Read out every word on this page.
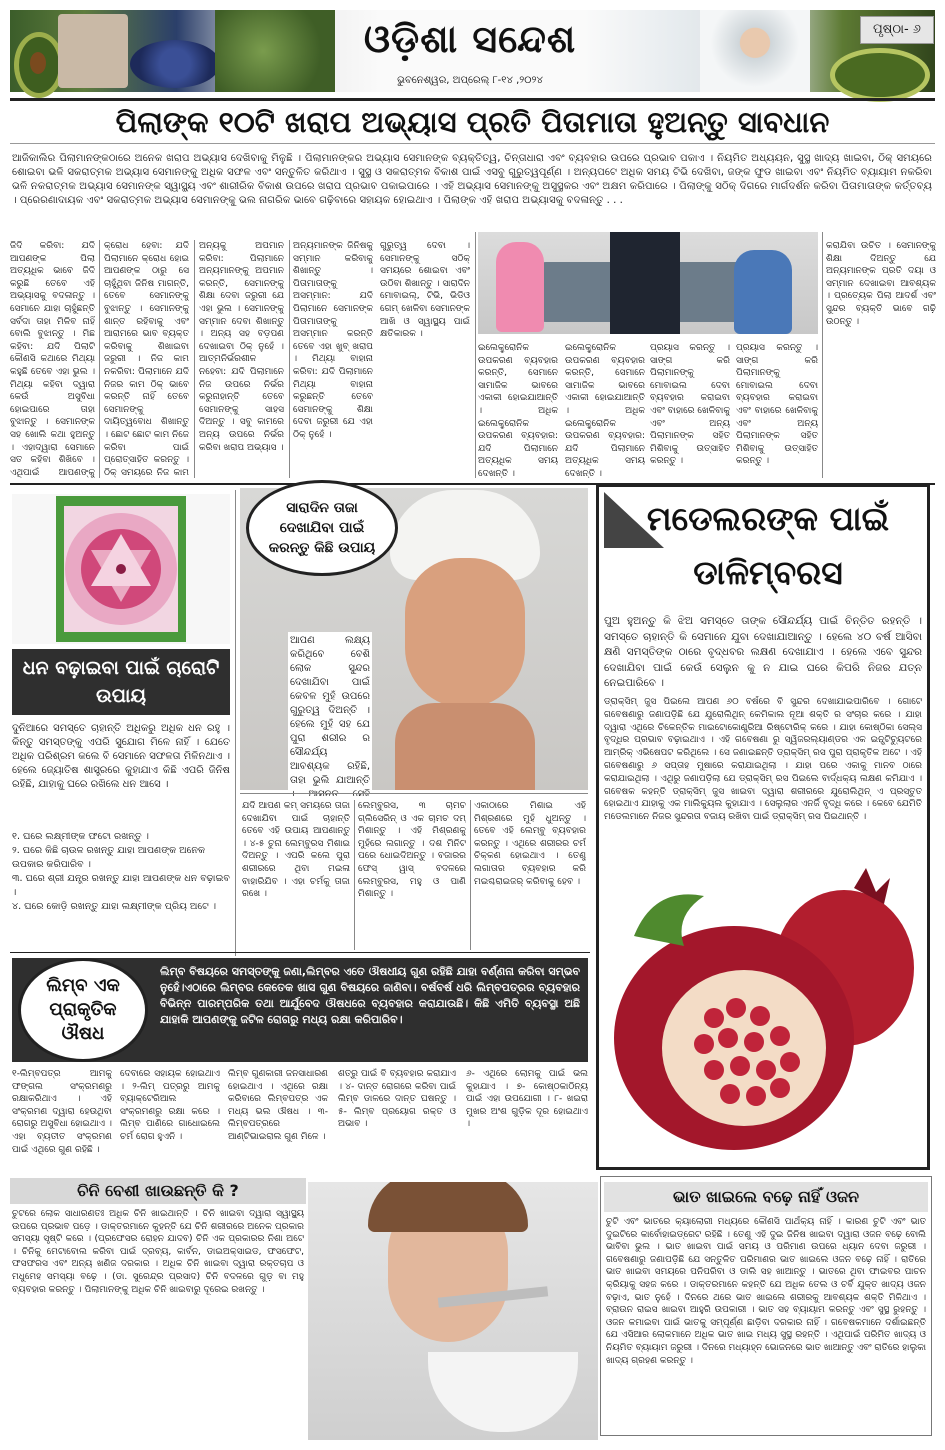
ଓଡ଼ିଶା ସନ୍ଦେଶ
ଭୁବନେଶ୍ୱର, ଅପ୍ରେଲ୍ ୮-୧୪ ,୨୦୨୪
ପୃଷ୍ଠା- ୬
ପିଲାଙ୍କ ୧୦ଟି ଖରାପ ଅଭ୍ୟାସ ପ୍ରତି ପିତାମାତା ହୁଅନ୍ତୁ ସାବଧାନ
ଆଜିକାଲିର ପିଲାମାନଙ୍କଠାରେ ଅନେକ ଖରାପ ଅଭ୍ୟାସ ଦେଖିବାକୁ ମିଳୁଛି । ପିଲାମାନଙ୍କର ଅଭ୍ୟାସ ସେମାନଙ୍କ ବ୍ୟକ୍ତିତ୍ୱ, ଚିନ୍ତାଧାରା ଏବଂ ବ୍ୟବହାର ଉପରେ ପ୍ରଭାବ ପକାଏ । ନିୟମିତ ଅଧ୍ୟୟନ, ସୁସ୍ଥ ଖାଦ୍ୟ ଖାଇବା, ଠିକ୍ ସମୟରେ ଶୋଇବା ଭଳି ସକରାତ୍ମକ ଅଭ୍ୟାସ ସେମାନଙ୍କୁ ଅଧିକ ସଫଳ ଏବଂ ସନ୍ତୁଳିତ କରିଥାଏ । ସୁସ୍ଥ ଓ ସକରାତ୍ମକ ବିକାଶ ପାଇଁ ଏସବୁ ଗୁରୁତ୍ୱପୂର୍ଣ୍ଣ । ଅନ୍ୟପଟେ ଅଧିକ ସମୟ ଟିଭି ଦେଖିବା, ଜଙ୍କ ଫୁଡ ଖାଇବା ଏବଂ ନିୟମିତ ବ୍ୟାୟାମ ନକରିବା ଭଳି ନକରାତ୍ମକ ଅଭ୍ୟାସ ସେମାନଙ୍କ ସ୍ୱାସ୍ଥ୍ୟ ଏବଂ ଶାରୀରିକ ବିକାଶ ଉପରେ ଖରାପ ପ୍ରଭାବ ପକାଇପାରେ । ଏହି ଅଭ୍ୟାସ ସେମାନଙ୍କୁ ଅସୁସ୍ଥକର ଏବଂ ଅକ୍ଷମ କରିପାରେ । ପିଲାଙ୍କୁ ସଠିକ୍ ଦିଗରେ ମାର୍ଗଦର୍ଶନ କରିବା ପିତାମାତାଙ୍କ କର୍ତ୍ତବ୍ୟ । ପ୍ରେରଣାଦାୟକ ଏବଂ ସକରାତ୍ମକ ଅଭ୍ୟାସ ସେମାନଙ୍କୁ ଭଲ ନାଗରିକ ଭାବେ ଗଢ଼ିବାରେ ସହାୟକ ହୋଇଥାଏ । ପିଲାଙ୍କ ଏହି ଖରାପ ଅଭ୍ୟାସକୁ ବଦଳାନ୍ତୁ . . .
ଜିଦି କରିବା: ଯଦି ଆପଣଙ୍କ ପିଲା ଅତ୍ୟଧିକ ଭାବେ ଜିଦି କରୁଛି ତେବେ ଏହି ଅଭ୍ୟାସକୁ ବଦଳାନ୍ତୁ । ସେମାନେ ଯାହା ଚାହୁଁଛନ୍ତି ସର୍ବଦା ତାହା ମିଳିବ ନାହିଁ ବୋଲି ବୁଝାନ୍ତୁ । ମିଛ କହିବା: ଯଦି ପିଲାଟି କୌଣସି କଥାରେ ମିଥ୍ୟା କହୁଛି ତେବେ ଏହା ଭୁଲ । ମିଥ୍ୟା କହିବା ଦ୍ୱାରା କେଉଁ ଅସୁବିଧା ହୋଇପାରେ ତାହା ବୁଝାନ୍ତୁ । ସେମାନଙ୍କ ସହ ଖୋଲି କଥା ହୁଅନ୍ତୁ । ଏହାଦ୍ୱାରା ସେମାନେ ସତ କହିବା ଶିଖିବେ । ଏଥିପାଇଁ ଆପଣଙ୍କୁ
କ୍ରୋଧ ହେବା: ଯଦି ପିଲାମାନେ କ୍ରୋଧ ହୋଇ ଆପଣଙ୍କ ଠାରୁ ସେ ଚାହୁଁଥିବା ଜିନିଷ ମାଗନ୍ତି, ତେବେ ସେମାନଙ୍କୁ ବୁଝାନ୍ତୁ । ସେମାନଙ୍କୁ ଶାନ୍ତ ରହିବାକୁ ଏବଂ ଆରାମରେ ଭାବ ବ୍ୟକ୍ତ କରିବାକୁ ଶିଖାଇବା ଜରୁରୀ । ନିଜ କାମ ନକରିବା: ପିଲାମାନେ ଯଦି ନିଜର କାମ ଠିକ୍ ଭାବେ କରନ୍ତି ନାହିଁ ତେବେ ସେମାନଙ୍କୁ ଦାୟିତ୍ୱବୋଧ ଶିଖାନ୍ତୁ । ଛୋଟ ଛୋଟ କାମ ନିଜେ କରିବା ପାଇଁ ପ୍ରୋତ୍ସାହିତ କରନ୍ତୁ । ଠିକ୍ ସମୟରେ ନିଜ କାମ
ଅନ୍ୟକୁ ଅପମାନ କରିବା: ପିଲାମାନେ ଅନ୍ୟମାନଙ୍କୁ ଅପମାନ କରନ୍ତି, ସେମାନଙ୍କୁ ଶିକ୍ଷା ଦେବା ଜରୁରୀ ଯେ ଏହା ଭୁଲ । ସେମାନଙ୍କୁ ସମ୍ମାନ ଦେବା ଶିଖାନ୍ତୁ । ଅନ୍ୟ ସହ ବଡ଼ପଣ ଦେଖାଇବା ଠିକ୍ ନୁହେଁ । ଆତ୍ମନିର୍ଭରଶୀଳ ନହେବା: ଯଦି ପିଲାମାନେ ନିଜ ଉପରେ ନିର୍ଭର କରୁନାହାନ୍ତି ତେବେ ସେମାନଙ୍କୁ ସାହସ ଦିଅନ୍ତୁ । ସବୁ କାମରେ ଅନ୍ୟ ଉପରେ ନିର୍ଭର କରିବା ଖରାପ ଅଭ୍ୟାସ ।
ଅନ୍ୟମାନଙ୍କ ଜିନିଷକୁ ସମ୍ମାନ କରିବାକୁ ଶିଖାନ୍ତୁ । ପିତାମାତାଙ୍କୁ ଅସମ୍ମାନ: ଯଦି ପିଲାମାନେ ସେମାନଙ୍କ ପିତାମାତାଙ୍କୁ ଅସମ୍ମାନ କରନ୍ତି ତେବେ ଏହା ଖୁବ୍ ଖରାପ । ମିଥ୍ୟା ବାହାନା କରିବା: ଯଦି ପିଲାମାନେ ମିଥ୍ୟା ବାହାନା କରୁଛନ୍ତି ତେବେ ସେମାନଙ୍କୁ ଶିକ୍ଷା ଦେବା ଜରୁରୀ ଯେ ଏହା ଠିକ୍ ନୁହେଁ ।
ଗୁରୁତ୍ୱ ଦେବା । ସେମାନଙ୍କୁ ସଠିକ୍ ସମୟରେ ଶୋଇବା ଏବଂ ଉଠିବା ଶିଖାନ୍ତୁ । ସାରାଦିନ ମୋବାଇଲ୍, ଟିଭି, ଭିଡିଓ ଗେମ୍ ଖେଳିବା ସେମାନଙ୍କ ଆଖି ଓ ସ୍ୱାସ୍ଥ୍ୟ ପାଇଁ କ୍ଷତିକାରକ ।
ଇଲେକ୍ଟ୍ରୋନିକ ଉପକରଣ ବ୍ୟବହାର କରନ୍ତି, ସେମାନେ ସାମାଜିକ ଭାବରେ ଏକାକୀ ହୋଇଯାଆନ୍ତି । ଅଧିକ ଇଲେକ୍ଟ୍ରୋନିକ ଉପକରଣ ବ୍ୟବହାର: ଯଦି ପିଲାମାନେ ଅତ୍ୟଧିକ ସମୟ ଦେଖନ୍ତି ।
ଇଲେକ୍ଟ୍ରୋନିକ ଉପକରଣ ବ୍ୟବହାର କରନ୍ତି, ସେମାନେ ସାମାଜିକ ଭାବରେ ଏକାକୀ ହୋଇଯାଆନ୍ତି । ଅଧିକ ଇଲେକ୍ଟ୍ରୋନିକ ଉପକରଣ ବ୍ୟବହାର: ଯଦି ପିଲାମାନେ ଅତ୍ୟଧିକ ସମୟ ଦେଖନ୍ତି ।
ପ୍ରୟାସ କରନ୍ତୁ । ସାଙ୍ଗ କରି ପିଲାମାନଙ୍କୁ ମୋବାଇଲ ଦେବା ବ୍ୟବହାର କରାଇବା ଏବଂ ବାହାରେ ଖେଳିବାକୁ ଏବଂ ଅନ୍ୟ ପିଲାମାନଙ୍କ ସହିତ ମିଶିବାକୁ ଉତ୍ସାହିତ କରନ୍ତୁ ।
ପ୍ରୟାସ କରନ୍ତୁ । ସାଙ୍ଗ କରି ପିଲାମାନଙ୍କୁ ମୋବାଇଲ ଦେବା ବ୍ୟବହାର କରାଇବା ଏବଂ ବାହାରେ ଖେଳିବାକୁ ଏବଂ ଅନ୍ୟ ପିଲାମାନଙ୍କ ସହିତ ମିଶିବାକୁ ଉତ୍ସାହିତ କରନ୍ତୁ ।
କରାଯିବା ଉଚିତ । ସେମାନଙ୍କୁ ଶିକ୍ଷା ଦିଅନ୍ତୁ ଯେ ଅନ୍ୟମାନଙ୍କ ପ୍ରତି ଦୟା ଓ ସମ୍ମାନ ଦେଖାଇବା ଆବଶ୍ୟକ । ପ୍ରତ୍ୟେକ ପିଲା ଆଦର୍ଶ ଏବଂ ସୁନ୍ଦର ବ୍ୟକ୍ତି ଭାବେ ଗଢ଼ି ଉଠନ୍ତୁ ।
ଧନ ବଢ଼ାଇବା ପାଇଁ ଚାରୋଟି ଉପାୟ
ଦୁନିଆରେ ସମସ୍ତେ ଚାହାନ୍ତି ଅଧିକରୁ ଅଧିକ ଧନ ରହୁ । କିନ୍ତୁ ସମସ୍ତଙ୍କୁ ଏପରି ସୁଯୋଗ ମିଳେ ନାହିଁ । ଯେତେ ଅଧିକ ପରିଶ୍ରମ କଲେ ବି ସେମାନେ ସଫଳତା ମିଳିନଥାଏ । ହେଲେ ଜ୍ୟୋତିଷ ଶାସ୍ତ୍ରରେ କୁହାଯାଏ କିଛି ଏପରି ଜିନିଷ ରହିଛି, ଯାହାକୁ ଘରେ ରଖିଲେ ଧନ ଆସେ ।
୧. ଘରେ ଲକ୍ଷ୍ମୀଙ୍କ ଫଟୋ ରଖନ୍ତୁ ।
୨. ଘରେ କିଛି ଚାଉଳ ରଖନ୍ତୁ ଯାହା ଆପଣଙ୍କ ଅନେକ ଉପକାର କରିପାରିବ ।
୩. ଘରେ ଶ୍ରୀ ଯନ୍ତ୍ର ରଖନ୍ତୁ ଯାହା ଆପଣଙ୍କ ଧନ ବଢ଼ାଇବ ।
୪. ଘରେ କୋଡ଼ି ରଖନ୍ତୁ ଯାହା ଲକ୍ଷ୍ମୀଙ୍କ ପ୍ରିୟ ଅଟେ ।
ସାରାଦିନ ତାଜା ଦେଖାଯିବା ପାଇଁ କରନ୍ତୁ କିଛି ଉପାୟ
ଆପଣ ଲକ୍ଷ୍ୟ କରିଥିବେ ବେଶି ଲୋକ ସୁନ୍ଦର ଦେଖାଯିବା ପାଇଁ କେବଳ ମୁହଁ ଉପରେ ଗୁରୁତ୍ୱ ଦିଅନ୍ତି । ହେଲେ ମୁହଁ ସହ ଯେ ପୁରା ଶରୀର ର ସୌନ୍ଦର୍ଯ୍ୟ ଆବଶ୍ୟକ ରହିଛି, ତାହା ଭୁଲି ଯାଆନ୍ତି
ଯଦି ଆପଣ କମ୍ ସମୟରେ ତାଜା ଦେଖାଯିବା ପାଇଁ ଚାହାନ୍ତି ତେବେ ଏହି ଉପାୟ ଆପଣାନ୍ତୁ । ୪-୫ ଚୁନା ଲେମ୍ବୁରସ ମିଶାଇ ଦିଅନ୍ତୁ । ଏପରି କଲେ ପୁରା ଶରୀରରେ ଥିବା ମଇଳା ବାହାରିଯିବ । ଏହା ଚର୍ମକୁ ତାଜା ରଖେ ।
ଲେମ୍ବୁରସ, ୩ ଚାମଚ ଗ୍ଲିସେରିନ୍ ଓ ଏକ ଚାମଚ ଦମ୍ ମିଶାନ୍ତୁ । ଏହି ମିଶ୍ରଣକୁ ମୁହଁରେ ଲଗାନ୍ତୁ । ଦଶ ମିନିଟ ପରେ ଧୋଇଦିଅନ୍ତୁ । ବଜାରର ଫେସ୍ ୱାସ୍ ବଦଳରେ ଲେମ୍ବୁରସ, ମହୁ ଓ ପାଣି ମିଶାନ୍ତୁ ।
ଏକାଠାରେ ମିଶାଇ ଏହି ମିଶ୍ରଣରେ ମୁହଁ ଧୁଅନ୍ତୁ । ତେବେ ଏହି ଲେମ୍ବୁ ବ୍ୟବହାର କରନ୍ତୁ । ଏଥିରେ ଶରୀରର ଚର୍ମ ଚିକ୍କଣ ହୋଇଥାଏ । ତେଣୁ ଲଗାତାର ବ୍ୟବହାର କରି ମଇଶ୍ଚରାଇଜର୍ କରିବାକୁ ହେବ ।
ମଡେଲରଙ୍କ ପାଇଁ ଡାଳିମ୍ବରସ
ପୁଅ ହୁଅନ୍ତୁ କି ଝିଅ ସମସ୍ତେ ତାଙ୍କ ସୌନ୍ଦର୍ଯ୍ୟ ପାଇଁ ଚିନ୍ତିତ ରହନ୍ତି । ସମସ୍ତେ ଚାହାନ୍ତି କି ସେମାନେ ଯୁବା ଦେଖାଯାଆନ୍ତୁ । ହେଲେ ୪୦ ବର୍ଷ ଆସିବା କ୍ଷଣି ସମସ୍ତିଙ୍କ ଠାରେ ବୃଦ୍ଧବର ଲକ୍ଷଣ ଦେଖାଯାଏ । ହେଲେ ଏବେ ସୁନ୍ଦର ଦେଖାଯିବା ପାଇଁ କେଉଁ ସେଲୁନ କୁ ନ ଯାଇ ଘରେ କିପରି ନିଜର ଯତ୍ନ ନେଇପାରିବେ ।
ଡ୍ରାକ୍ସିମ୍ ଜୁସ ପିଇଲେ ଆପଣ ୬୦ ବର୍ଷରେ ବି ସୁନ୍ଦର ଦେଖାଯାଇପାରିବେ । ଗୋଟେ ଗବେଷଣାରୁ ଜଣାପଡ଼ିଛି ଯେ ଯୁରୋଲିଥିନ୍ କେମିକାଲ ନୂଆ ଶକ୍ତି ର ସଂଚାର କରେ । ଯାହା ଦ୍ୱାରା ଏଥିରେ ଚିକେନ୍ତିକ ମାଇଟୋକୋଣ୍ଡ୍ରିଆ ରିଷ୍ଟୋରିକ୍ କରେ । ଯାହା କୋଷ୍ଠିକା ସେଲ୍ସ ବୃଦ୍ଧିର ପ୍ରଭାବ ବଢ଼ାଇଥାଏ । ଏହି ଗବେଷଣା ରୁ ସ୍ୱିଜରଲ୍ୟାଣ୍ଡର ଏକ ଇନ୍ସ୍ଟିଚ୍ୟୁଟରେ ଆମ୍ରିକ୍ ଏଭିଷେପଟ କରିଥିଲେ । ସେ ଜଣାଇଛନ୍ତି ଡ୍ରାକ୍ସିମ୍ ରସ ପୁରା ପ୍ରାକୃତିକ ଅଟେ । ଏହି ଗବେଷଣାରୁ ୬ ସପ୍ତାହ ମୁଷାରେ କରାଯାଇଥିଲା । ଯାହା ପରେ ଏକାକୁ ମାନବ ଠାରେ କରାଯାଇଥିଲା । ଏଥିରୁ ଜଣାପଡ଼ିଲା ଯେ ଡ୍ରାକ୍ସିମ୍ ରସ ପିଇଲେ ବାର୍ଦ୍ଧକ୍ୟ ଲକ୍ଷଣ କମିଯାଏ । ଗବେଷକ କହନ୍ତି ଡ୍ରାକ୍ସିମ୍ ଜୁସ ଖାଇବା ଦ୍ୱାରା ଶରୀରରେ ଯୁରୋଲିଥିନ୍ ଏ ପ୍ରସ୍ତୁତ ହୋଇଥାଏ ଯାହାକୁ ଏକ ମାଲିକ୍ୟୁଲ କୁହାଯାଏ । ସେଲୁଲାର ଏନର୍ଜି ବୃଦ୍ଧି କରେ । କେବେ ଯେମିତି ମଡେଲମାନେ ନିଜର ସୁନ୍ଦରତା ବଜାୟ ରଖିବା ପାଇଁ ଡ୍ରାକ୍ସିମ୍ ରସ ପିଇଥାନ୍ତି ।
ଲିମ୍ବ ଏକ ପ୍ରାକୃତିକ ଔଷଧ
ଲିମ୍ବ ବିଷୟରେ ସମସ୍ତଙ୍କୁ ଜଣା,ଲିମ୍ବର ଏତେ ଔଷଧୀୟ ଗୁଣ ରହିଛି ଯାହା ବର୍ଣ୍ଣନା କରିବା ସମ୍ଭବ ନୁହେଁ।ଏଠାରେ ଲିମ୍ବର କେତେକ ଖାସ ଗୁଣ ବିଷୟରେ ଜାଣିବା। ବର୍ଷବର୍ଷ ଧରି ଲିମ୍ବପତ୍ରର ବ୍ୟବହାର ବିଭିନ୍ନ ପାରମ୍ପରିକ ତଥା ଆର୍ଯୁବେଦ ଔଷଧରେ ବ୍ୟବହାର କରାଯାଉଛି। କିଛି ଏମିତି ବ୍ୟବସ୍ଥା ଅଛି ଯାହାକି ଆପଣଙ୍କୁ ଜଟିଳ ରୋଗରୁ ମଧ୍ୟ ରକ୍ଷା କରିପାରିବ।
୧-ଲିମ୍ବପତ୍ର ଆମକୁ ଫଙ୍ଗଲ ସଂକ୍ରମଣରୁ ରକ୍ଷାକରିଥାଏ । ଏହି ସଂକ୍ରମଣ ଦ୍ୱାରା ହେଉଥିବା ରୋଗରୁ ଅସୁବିଧା ହୋଇଥାଏ । ଏହା ବ୍ୟତୀତ ସଂକ୍ରମଣ ପାଇଁ ଏଥିରେ ଗୁଣ ରହିଛି ।
ଦେବାରେ ସହାୟକ ହୋଇଥାଏ । ୨-ଲିମ୍ ପତ୍ରରୁ ଆମକୁ ବ୍ୟାକ୍ଟେରିଆଲ ସଂକ୍ରମଣରୁ ରକ୍ଷା କରେ । ଲିମ୍ବ ପାଣିରେ ଗାଧୋଇଲେ ଚର୍ମ ରୋଗ ହୁଏନି ।
ଲିମ୍ବ ଗୁଣକାରୀ ଜନସାଧାରଣ ହୋଇଥାଏ । ଏଥିରେ ରକ୍ଷା କରିବାରେ ଲିମ୍ବପତ୍ର ଏକ ମଧ୍ୟ ଭଲ ଔଷଧ । ୩- ଲିମ୍ବପତ୍ରରେ ଆଣ୍ଟିଭାଇରାଲ ଗୁଣ ମିଳେ ।
ଶତ୍ରୁ ପାଇଁ ବି ବ୍ୟବହାର କରାଯାଏ । ୪- ଦାନ୍ତ ରୋଗରେ କରିବା ପାଇଁ ଲିମ୍ବ ଡାଳରେ ଦାନ୍ତ ଘଷନ୍ତୁ । ୫- ଲିମ୍ବ ପ୍ରୟୋଗ ରକ୍ତ ଓ ଅଭାବ ।
୬- ଏଥିରେ ଲୋମକୁ ପାଇଁ ଭଲ କୁହାଯାଏ । ୭- କୋଷ୍ଠକାଠିନ୍ୟ ପାଇଁ ଏହା ଉପଯୋଗୀ । ୮- ଖଇରା ମୁଖର ଅଂଶ ଗୁଡ଼ିକ ଦୂର ହୋଇଥାଏ ।
ଚିନି ବେଶୀ ଖାଉଛନ୍ତି କି ?
ଚୁଟରେ ଲୋକ ସାଧାରଣତଃ ଅଧିକ ଚିନି ଖାଇଥାନ୍ତି । ଚିନି ଖାଇବା ଦ୍ୱାରା ସ୍ୱାସ୍ଥ୍ୟ ଉପରେ ପ୍ରଭାବ ପଡ଼େ । ଡାକ୍ତରମାନେ କୁହନ୍ତି ଯେ ଚିନି ଶରୀରରେ ଅନେକ ପ୍ରକାର ସମସ୍ୟା ସୃଷ୍ଟି କରେ । (ପ୍ରଫେସର ରୋହନ ଯାଦବ) ଚିନି ଏକ ପ୍ରକାରର ନିଶା ଅଟେ । ଚିନିକୁ ମେଟାବୋଲ କରିବା ପାଇଁ ଦ୍ରବ୍ୟ, କାର୍ବନ, ଡାଇଅକ୍ସାଇଡ, ଫସଫେଟ, ଫସଫରସ ଏବଂ ଅନ୍ୟ ଖଣିଜ ଦରକାର । ଅଧିକ ଚିନି ଖାଇବା ଦ୍ୱାରା ରକ୍ତଚାପ ଓ ମଧୁମେହ ସମସ୍ୟା ବଢ଼େ । (ଡା. ସୁରେନ୍ଦ୍ର ପ୍ରସାଦ) ଚିନି ବଦଳରେ ଗୁଡ଼ ବା ମହୁ ବ୍ୟବହାର କରନ୍ତୁ । ପିଲାମାନଙ୍କୁ ଅଧିକ ଚିନି ଖାଇବାରୁ ଦୂରେଇ ରଖନ୍ତୁ ।
ଭାତ ଖାଇଲେ ବଢ଼େ ନାହିଁ ଓଜନ
ଚୁଟି ଏବଂ ଭାତରେ କ୍ୟାଲୋରୀ ମଧ୍ୟରେ କୌଣସି ପାର୍ଥକ୍ୟ ନାହିଁ । କାରଣ ଚୁଟି ଏବଂ ଭାତ ଦୁଇଟିରେ କାର୍ବୋହାଇଡ୍ରେଟ ରହିଛି । ତେଣୁ ଏହି ଦୁଇ ଜିନିଷ ଖାଇବା ଦ୍ୱାରା ଓଜନ ବଢ଼େ ବୋଲି ଭାବିବା ଭୁଲ । ଭାତ ଖାଇବା ପାଇଁ ସମୟ ଓ ପରିମାଣ ଉପରେ ଧ୍ୟାନ ଦେବା ଜରୁରୀ । ଗବେଷଣାରୁ ଜଣାପଡ଼ିଛି ଯେ ସନ୍ତୁଳିତ ପରିମାଣର ଭାତ ଖାଇଲେ ଓଜନ ବଢ଼େ ନାହିଁ । ରାତିରେ ଭାତ ଖାଇବା ସମୟରେ ପନିପରିବା ଓ ଡାଲି ସହ ଖାଆନ୍ତୁ । ଭାତରେ ଥିବା ଫାଇବର ପାଚନ କ୍ରିୟାକୁ ସହଜ କରେ । ଡାକ୍ତରମାନେ କହନ୍ତି ଯେ ଅଧିକ ତେଲ ଓ ଚର୍ବି ଯୁକ୍ତ ଖାଦ୍ୟ ଓଜନ ବଢ଼ାଏ, ଭାତ ନୁହେଁ । ଦିନରେ ଥରେ ଭାତ ଖାଇଲେ ଶରୀରକୁ ଆବଶ୍ୟକ ଶକ୍ତି ମିଳିଥାଏ । ବ୍ରାଉନ ରାଇସ ଖାଇବା ଆହୁରି ଉପକାରୀ । ଭାତ ସହ ବ୍ୟାୟାମ କରନ୍ତୁ ଏବଂ ସୁସ୍ଥ ରୁହନ୍ତୁ । ଓଜନ କମାଇବା ପାଇଁ ଭାତକୁ ସମ୍ପୂର୍ଣ୍ଣ ଛାଡ଼ିବା ଦରକାର ନାହିଁ । ଗବେଷକମାନେ ଦର୍ଶାଇଛନ୍ତି ଯେ ଏସିଆର ଲୋକମାନେ ଅଧିକ ଭାତ ଖାଇ ମଧ୍ୟ ସୁସ୍ଥ ରହନ୍ତି । ଏଥିପାଇଁ ପରିମିତ ଖାଦ୍ୟ ଓ ନିୟମିତ ବ୍ୟାୟାମ ଜରୁରୀ । ଦିନରେ ମଧ୍ୟାହ୍ନ ଭୋଜନରେ ଭାତ ଖାଆନ୍ତୁ ଏବଂ ରାତିରେ ହାଲୁକା ଖାଦ୍ୟ ଗ୍ରହଣ କରନ୍ତୁ ।
